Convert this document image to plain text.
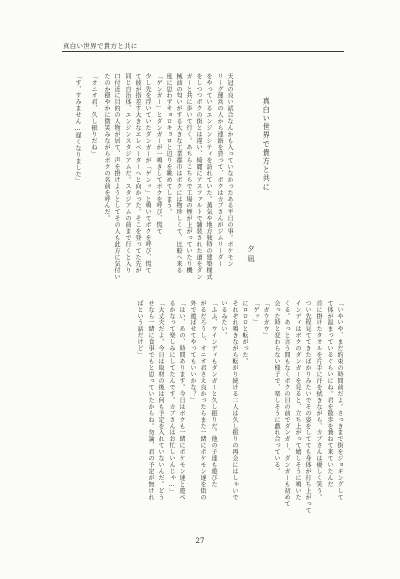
真白い世界で貴方と共に
真白い世界で貴方と共に
夕凪
天冠の良い試合なんかも入っていなかったある平日の事。ポケモン
リーグ運営の人から連絡を貰って、ボクはカブさんがジムリーダー
をやっているエンジンシティを訪れていた。蒸気や地方独特の建築様式
をしつつボクの街とは違い、綺麗にアスファルトで舗装された道をダン
ガーと共に歩いて行く。あちらこちらで工場の煙が上がっていたり機
械油の匂いがする大きな工業都市はボクには物珍しくて、比較へ来る
度に思わずキョロキョロと辺りを眺めてしまう。
「ゲンガー」とダンガーが一鳴きしてボクを呼び、慌て
少し先を浮いていたダンガーが「ゲンッ」と鳴いてボクを呼び、慌て
て彼が指差す大きなエレベーターへと向かった。そこを登ってた先が
同じ自治体、エンジンスタジアムだ。スタジアムの前まで行くと入り
口付近に目的の人物が居て、声を掛けようとしてその人も此方に気付い
たのか穏やかに微笑みながらボクの名前を呼んだ。
「オニオ君、久し振りだね」
「す、すみません…遅くなりました」
「いやいや、まだ約束の時間前だよ。さっきまで街をジョギングして
て体が温まっているぐらいにね。君を散歩を兼ねて来ていたんだ
首に掛けたタオルを片手に汗を拭きながら、カブさんは優しく笑う。
つい先程見ててきたばかりみたいでその姿をしてても身体が打ち上がって
インディはボクのダンガーを見ると、立ち上がって嬉しそうに鳴いた
くる。あっと言う間もなくボクの目の前でダンガー、ダンガーも初めて
会った時と変わらない様子で、楽しそうに戯れ合っている。
「ガウガウ」
「ゲッ」
にロロロと転がった。
それぞれ鳴きながら転がり続ける二人は久し振りの再会にはしゃいで
いるみたい。
「ふふ、ウインディもダンガーと久し振りだ。他の子達も遊びた
がるだろうし、オニオ君さえ良かったらまた一緒にポケモン達を街の
外で遊ばせてやってもいいかな？」
「はい、あの、時間あります。今日はボクも一緒にポケモン達と遊べ
るかなって楽しみにしてたんです。カブさんはお忙しいんじゃ…」
「大丈夫だよ。今日は取材の後は何も予定を入れていないんだ。どう
せなら一緒に食事でもと思っていたからね。勿論、君の予定が無けれ
ばという話だけど」
27
